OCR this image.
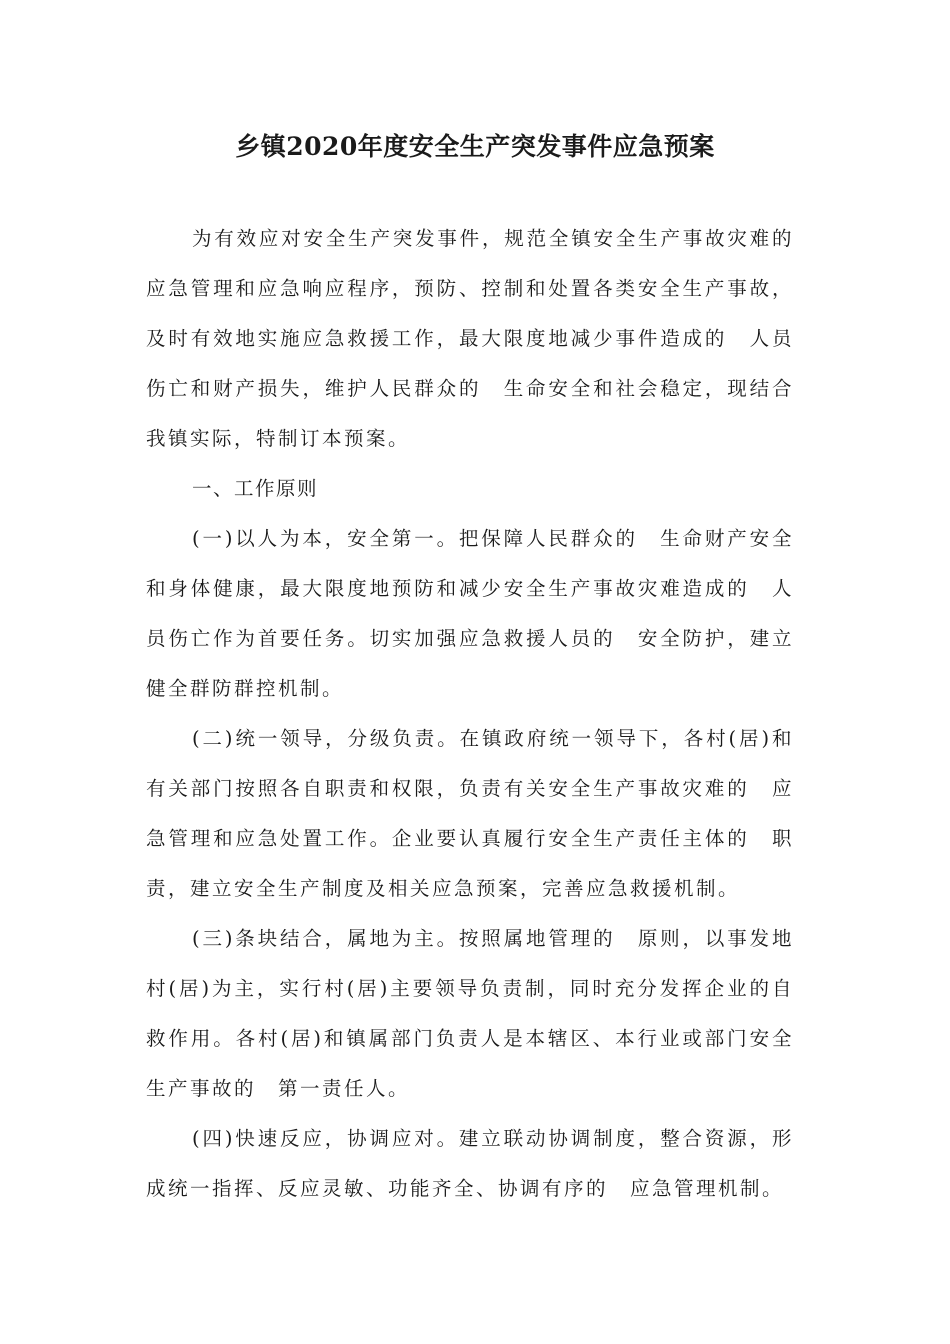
乡镇2020年度安全生产突发事件应急预案

为有效应对安全生产突发事件，规范全镇安全生产事故灾难的应急管理和应急响应程序，预防、控制和处置各类安全生产事故，及时有效地实施应急救援工作，最大限度地减少事件造成的　人员伤亡和财产损失，维护人民群众的　生命安全和社会稳定，现结合我镇实际，特制订本预案。

一、工作原则

(一)以人为本，安全第一。把保障人民群众的　生命财产安全和身体健康，最大限度地预防和减少安全生产事故灾难造成的　人员伤亡作为首要任务。切实加强应急救援人员的　安全防护，建立健全群防群控机制。

(二)统一领导，分级负责。在镇政府统一领导下，各村(居)和有关部门按照各自职责和权限，负责有关安全生产事故灾难的　应急管理和应急处置工作。企业要认真履行安全生产责任主体的　职责，建立安全生产制度及相关应急预案，完善应急救援机制。

(三)条块结合，属地为主。按照属地管理的　原则，以事发地村(居)为主，实行村(居)主要领导负责制，同时充分发挥企业的自救作用。各村(居)和镇属部门负责人是本辖区、本行业或部门安全生产事故的　第一责任人。

(四)快速反应，协调应对。建立联动协调制度，整合资源，形成统一指挥、反应灵敏、功能齐全、协调有序的　应急管理机制。
